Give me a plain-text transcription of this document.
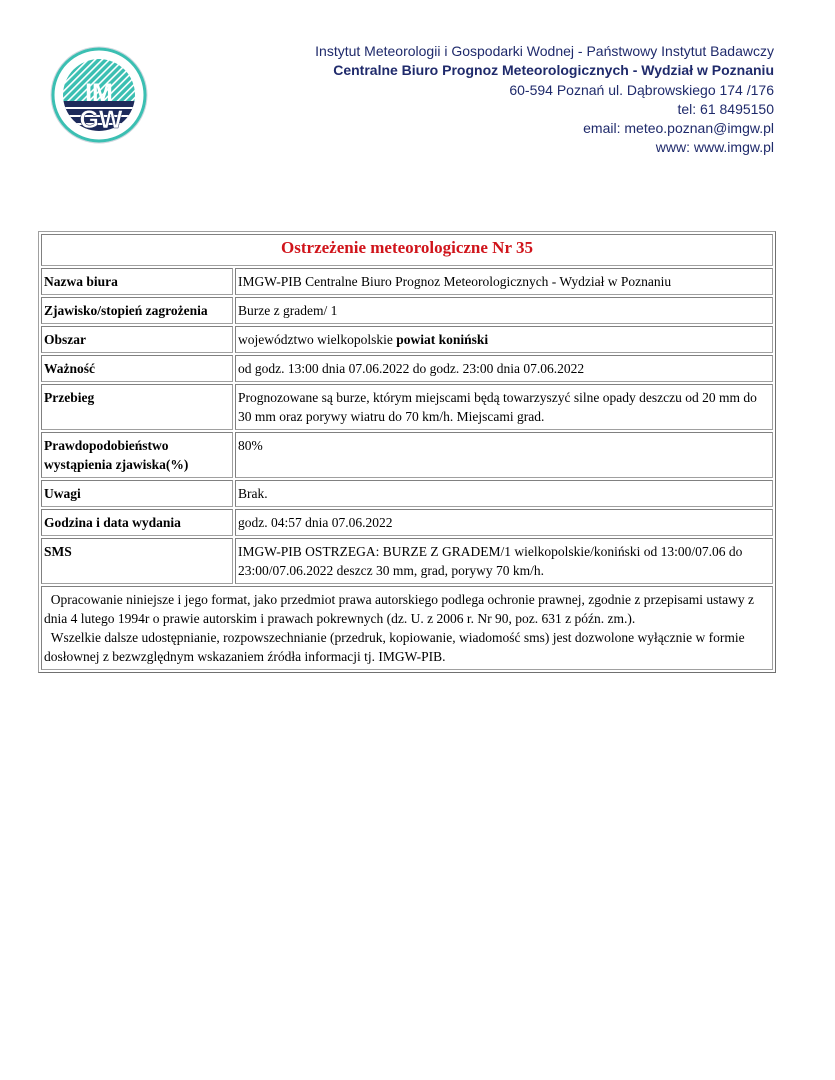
IM
GW
Instytut Meteorologii i Gospodarki Wodnej - Państwowy Instytut Badawczy
Centralne Biuro Prognoz Meteorologicznych - Wydział w Poznaniu
60-594 Poznań ul. Dąbrowskiego 174 /176
tel: 61 8495150
email: meteo.poznan@imgw.pl
www: www.imgw.pl
Ostrzeżenie meteorologiczne Nr 35	
Nazwa biura	IMGW-PIB Centralne Biuro Prognoz Meteorologicznych - Wydział w Poznaniu
Zjawisko/stopień zagrożenia	Burze z gradem/ 1
Obszar	województwo wielkopolskie powiat koniński
Ważność	od godz. 13:00 dnia 07.06.2022 do godz. 23:00 dnia 07.06.2022
Przebieg	Prognozowane są burze, którym miejscami będą towarzyszyć silne opady deszczu od 20 mm do 30 mm oraz porywy wiatru do 70 km/h. Miejscami grad.
Prawdopodobieństwo wystąpienia zjawiska(%)	80%
Uwagi	Brak.
Godzina i data wydania	godz. 04:57 dnia 07.06.2022
SMS	IMGW-PIB OSTRZEGA: BURZE Z GRADEM/1 wielkopolskie/koniński od 13:00/07.06 do 23:00/07.06.2022 deszcz 30 mm, grad, porywy 70 km/h.
Opracowanie niniejsze i jego format, jako przedmiot prawa autorskiego podlega ochronie prawnej, zgodnie z przepisami ustawy z dnia 4 lutego 1994r o prawie autorskim i prawach pokrewnych (dz. U. z 2006 r. Nr 90, poz. 631 z późn. zm.).
Wszelkie dalsze udostępnianie, rozpowszechnianie (przedruk, kopiowanie, wiadomość sms) jest dozwolone wyłącznie w formie dosłownej z bezwzględnym wskazaniem źródła informacji tj. IMGW-PIB.	
